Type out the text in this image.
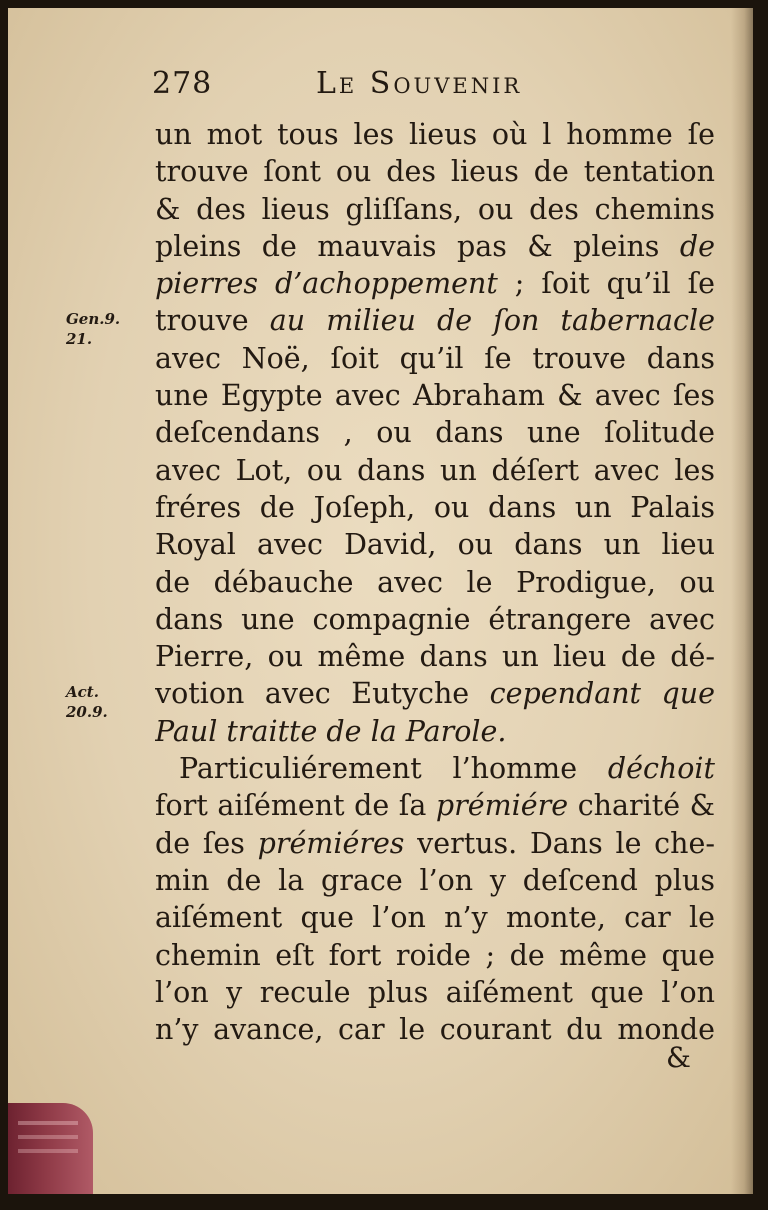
278	Le Souvenir
un mot tous les lieus où l homme ſe
trouve ſont ou des lieus de tentation
& des lieus gliſſans, ou des chemins
pleins de mauvais pas & pleins de
pierres d’achoppement ; ſoit qu’il ſe
trouve au milieu de ſon tabernacle
avec Noë, ſoit qu’il ſe trouve dans
une Egypte avec Abraham & avec ſes
deſcendans , ou dans une ſolitude
avec Lot, ou dans un déſert avec les
fréres de Joſeph, ou dans un Palais
Royal avec David, ou dans un lieu
de débauche avec le Prodigue, ou
dans une compagnie étrangere avec
Pierre, ou même dans un lieu de dé-
votion avec Eutyche cependant que
Paul traitte de la Parole.
Particuliérement l’homme déchoit
fort aiſément de ſa prémiére charité &
de ſes prémiéres vertus. Dans le che-
min de la grace l’on y deſcend plus
aiſément que l’on n’y monte, car le
chemin eſt fort roide ; de même que
l’on y recule plus aiſément que l’on
n’y avance, car le courant du monde
Gen.9.
21.
Act.
20.9.
&
